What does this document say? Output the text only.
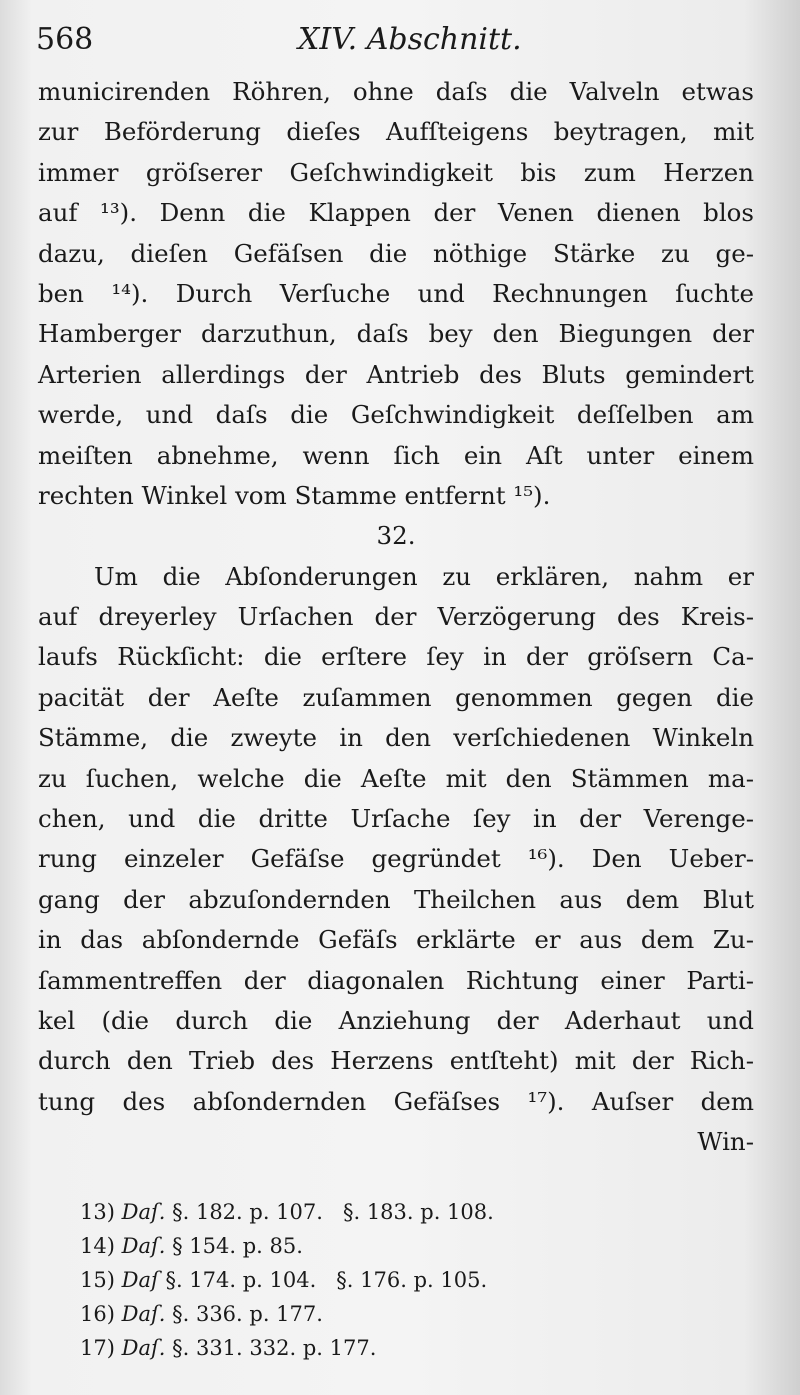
568	XIV. Abschnitt.
municirenden Röhren, ohne daſs die Valveln etwas
zur Beförderung dieſes Aufſteigens beytragen, mit
immer gröſserer Geſchwindigkeit bis zum Herzen
auf ¹³). Denn die Klappen der Venen dienen blos
dazu, dieſen Gefäſsen die nöthige Stärke zu ge-
ben ¹⁴). Durch Verſuche und Rechnungen ſuchte
Hamberger darzuthun, daſs bey den Biegungen der
Arterien allerdings der Antrieb des Bluts gemindert
werde, und daſs die Geſchwindigkeit deſſelben am
meiſten abnehme, wenn ſich ein Aſt unter einem
rechten Winkel vom Stamme entfernt ¹⁵).
32.
Um die Abſonderungen zu erklären, nahm er
auf dreyerley Urſachen der Verzögerung des Kreis-
laufs Rückſicht: die erſtere ſey in der gröſsern Ca-
pacität der Aeſte zuſammen genommen gegen die
Stämme, die zweyte in den verſchiedenen Winkeln
zu ſuchen, welche die Aeſte mit den Stämmen ma-
chen, und die dritte Urſache ſey in der Verenge-
rung einzeler Gefäſse gegründet ¹⁶). Den Ueber-
gang der abzuſondernden Theilchen aus dem Blut
in das abſondernde Gefäſs erklärte er aus dem Zu-
ſammentreffen der diagonalen Richtung einer Parti-
kel (die durch die Anziehung der Aderhaut und
durch den Trieb des Herzens entſteht) mit der Rich-
tung des abſondernden Gefäſses ¹⁷). Auſser dem
Win-
13) Daſ. §. 182. p. 107.   §. 183. p. 108.
14) Daſ. § 154. p. 85.
15) Daſ §. 174. p. 104.   §. 176. p. 105.
16) Daſ. §. 336. p. 177.
17) Daſ. §. 331. 332. p. 177.
